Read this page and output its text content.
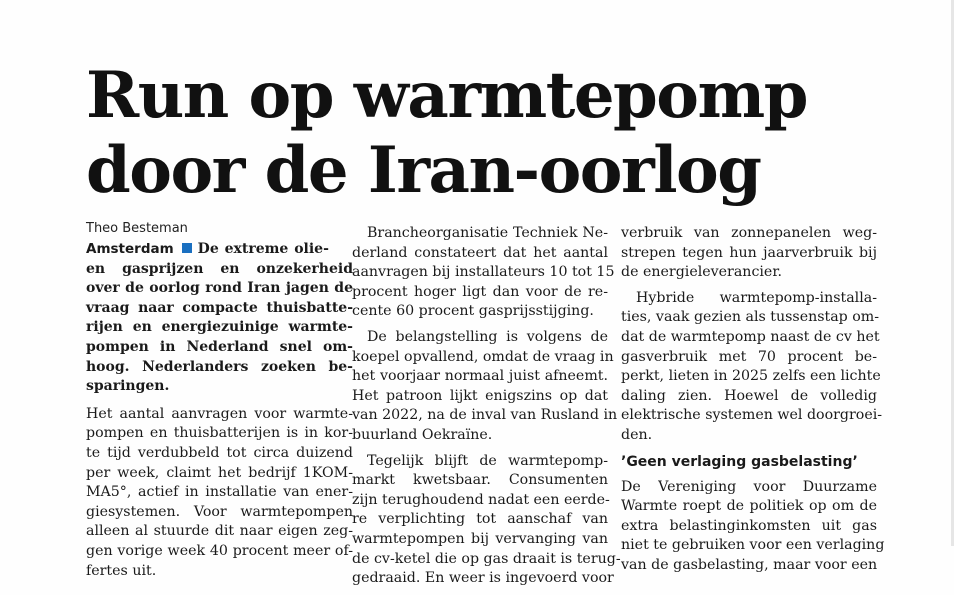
Run op warmtepomp
door de Iran-oorlog
Theo Besteman
Amsterdam De extreme olie-
en gasprijzen en onzekerheid
over de oorlog rond Iran jagen de
vraag naar compacte thuisbatte-
rijen en energiezuinige warmte-
pompen in Nederland snel om-
hoog. Nederlanders zoeken be-
sparingen.
Het aantal aanvragen voor warmte-
pompen en thuisbatterijen is in kor-
te tijd verdubbeld tot circa duizend
per week, claimt het bedrijf 1KOM-
MA5°, actief in installatie van ener-
giesystemen. Voor warmtepompen
alleen al stuurde dit naar eigen zeg-
gen vorige week 40 procent meer of-
fertes uit.
Brancheorganisatie Techniek Ne-
derland constateert dat het aantal
aanvragen bij installateurs 10 tot 15
procent hoger ligt dan voor de re-
cente 60 procent gasprijsstijging.
De belangstelling is volgens de
koepel opvallend, omdat de vraag in
het voorjaar normaal juist afneemt.
Het patroon lijkt enigszins op dat
van 2022, na de inval van Rusland in
buurland Oekraïne.
Tegelijk blijft de warmtepomp-
markt kwetsbaar. Consumenten
zijn terughoudend nadat een eerde-
re verplichting tot aanschaf van
warmtepompen bij vervanging van
de cv-ketel die op gas draait is terug-
gedraaid. En weer is ingevoerd voor
verbruik van zonnepanelen weg-
strepen tegen hun jaarverbruik bij
de energieleverancier.
Hybride warmtepomp-installa-
ties, vaak gezien als tussenstap om-
dat de warmtepomp naast de cv het
gasverbruik met 70 procent be-
perkt, lieten in 2025 zelfs een lichte
daling zien. Hoewel de volledig
elektrische systemen wel doorgroei-
den.
’Geen verlaging gasbelasting’
De Vereniging voor Duurzame
Warmte roept de politiek op om de
extra belastinginkomsten uit gas
niet te gebruiken voor een verlaging
van de gasbelasting, maar voor een
